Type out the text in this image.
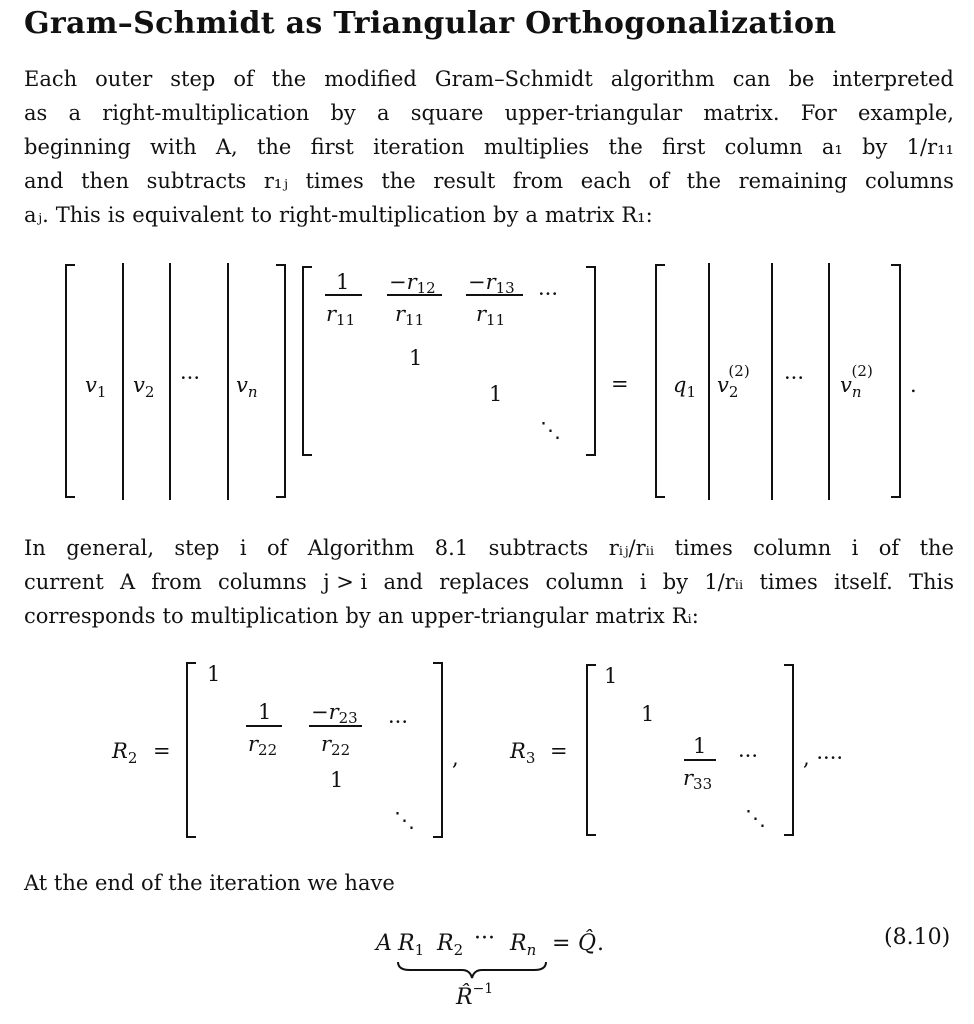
Gram–Schmidt as Triangular Orthogonalization
Each outer step of the modified Gram–Schmidt algorithm can be interpreted
as a right-multiplication by a square upper-triangular matrix. For example,
beginning with A, the first iteration multiplies the first column a₁ by 1/r₁₁
and then subtracts r₁ⱼ times the result from each of the remaining columns
aⱼ. This is equivalent to right-multiplication by a matrix R₁:
$v_1$ $v_2$
··· $v_n$
1
r11
−r12
r11
−r13
r11
···
1
1
⋱
= $q_1$ $v_2(2)$ ··· $v_n(2)$
.
In general, step i of Algorithm 8.1 subtracts rᵢⱼ/rᵢᵢ times column i of the
current A from columns j > i and replaces column i by 1/rᵢᵢ times itself. This
corresponds to multiplication by an upper-triangular matrix Rᵢ:
$R_2$ =
1
1
r22
−r23
r22
···
1
⋱
, $R_3$ =
1
1
1
r33
···
⋱
, ····
At the end of the iteration we have
A $R_1$ $R_2$ ··· $R_n$ = Q̂ .
R̂$^{-1}$
(8.10)
